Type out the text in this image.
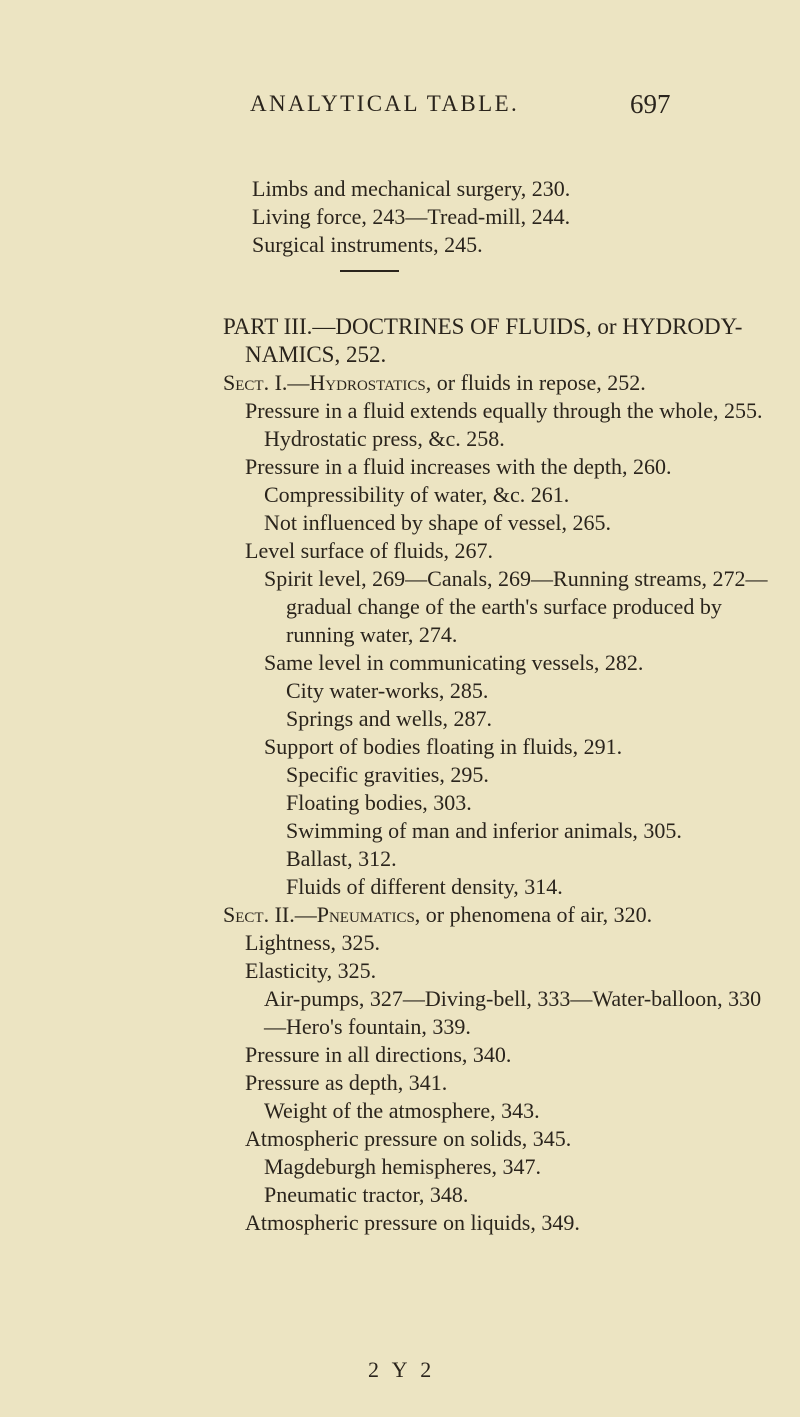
ANALYTICAL TABLE.	697
Limbs and mechanical surgery, 230.
Living force, 243—Tread-mill, 244.
Surgical instruments, 245.
PART III.—DOCTRINES OF FLUIDS, or HYDRODY-
NAMICS, 252.
Sect. I.—Hydrostatics, or fluids in repose, 252.
Pressure in a fluid extends equally through the whole, 255.
Hydrostatic press, &c. 258.
Pressure in a fluid increases with the depth, 260.
Compressibility of water, &c. 261.
Not influenced by shape of vessel, 265.
Level surface of fluids, 267.
Spirit level, 269—Canals, 269—Running streams, 272—
gradual change of the earth's surface produced by
running water, 274.
Same level in communicating vessels, 282.
City water-works, 285.
Springs and wells, 287.
Support of bodies floating in fluids, 291.
Specific gravities, 295.
Floating bodies, 303.
Swimming of man and inferior animals, 305.
Ballast, 312.
Fluids of different density, 314.
Sect. II.—Pneumatics, or phenomena of air, 320.
Lightness, 325.
Elasticity, 325.
Air-pumps, 327—Diving-bell, 333—Water-balloon, 330
—Hero's fountain, 339.
Pressure in all directions, 340.
Pressure as depth, 341.
Weight of the atmosphere, 343.
Atmospheric pressure on solids, 345.
Magdeburgh hemispheres, 347.
Pneumatic tractor, 348.
Atmospheric pressure on liquids, 349.
2 Y 2
